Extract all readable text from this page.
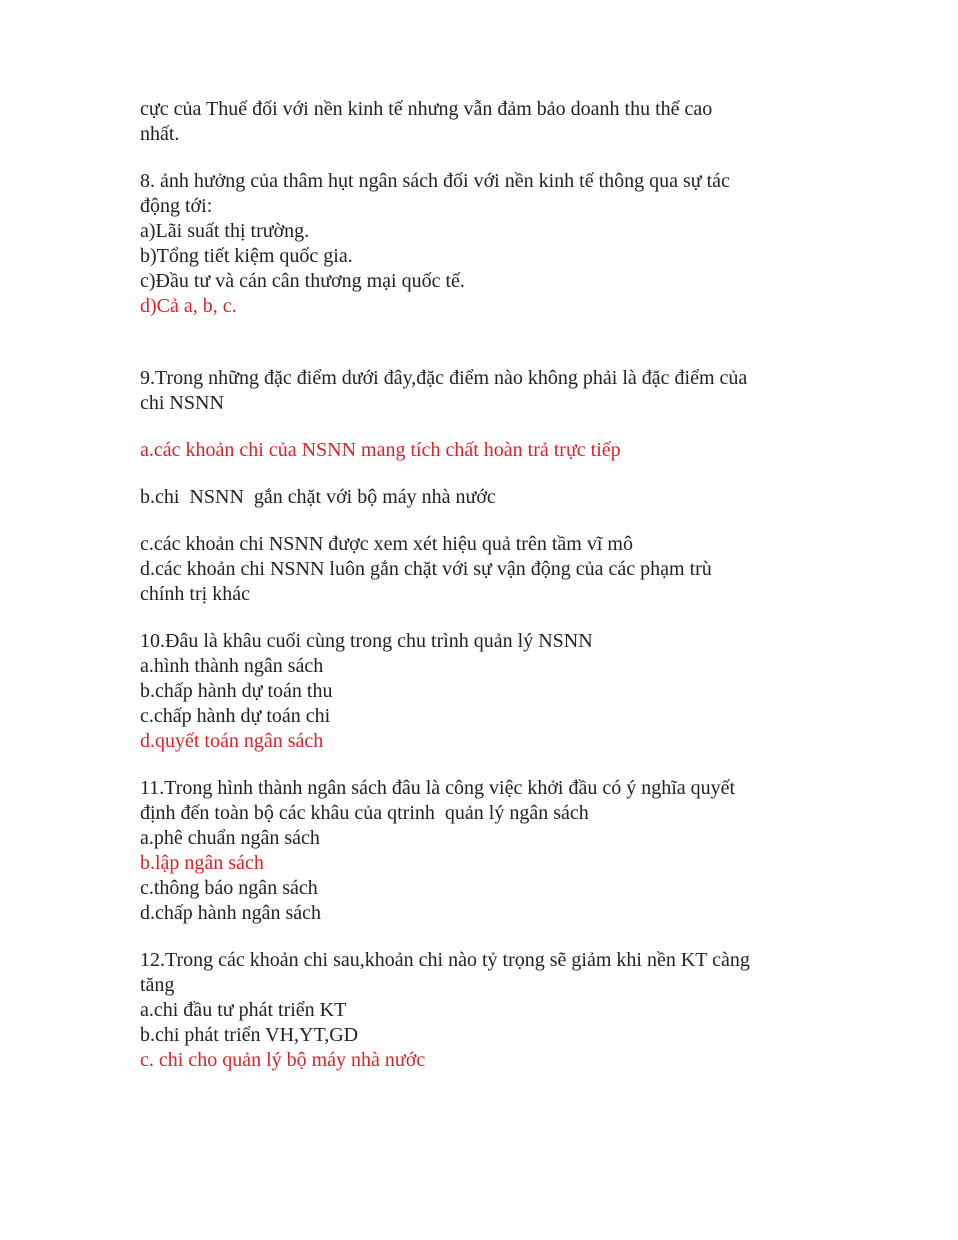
cực của Thuế đối với nền kinh tế nhưng vẫn đảm bảo doanh thu thế cao
nhất.
8. ảnh hưởng của thâm hụt ngân sách đối với nền kinh tế thông qua sự tác
động tới:
a)Lãi suất thị trường.
b)Tổng tiết kiệm quốc gia.
c)Đầu tư và cán cân thương mại quốc tế.
d)Cả a, b, c.
9.Trong những đặc điểm dưới đây,đặc điểm nào không phải là đặc điểm của
chi NSNN
a.các khoản chi của NSNN mang tích chất hoàn trả trực tiếp
b.chi  NSNN  gắn chặt với bộ máy nhà nước
c.các khoản chi NSNN được xem xét hiệu quả trên tầm vĩ mô
d.các khoản chi NSNN luôn gắn chặt với sự vận động của các phạm trù
chính trị khác
10.Đâu là khâu cuối cùng trong chu trình quản lý NSNN
a.hình thành ngân sách
b.chấp hành dự toán thu
c.chấp hành dự toán chi
d.quyết toán ngân sách
11.Trong hình thành ngân sách đâu là công việc khởi đầu có ý nghĩa quyết
định đến toàn bộ các khâu của qtrinh  quản lý ngân sách
a.phê chuẩn ngân sách
b.lập ngân sách
c.thông báo ngân sách
d.chấp hành ngân sách
12.Trong các khoản chi sau,khoản chi nào tỷ trọng sẽ giảm khi nền KT càng
tăng
a.chi đầu tư phát triển KT
b.chi phát triển VH,YT,GD
c. chi cho quản lý bộ máy nhà nước
